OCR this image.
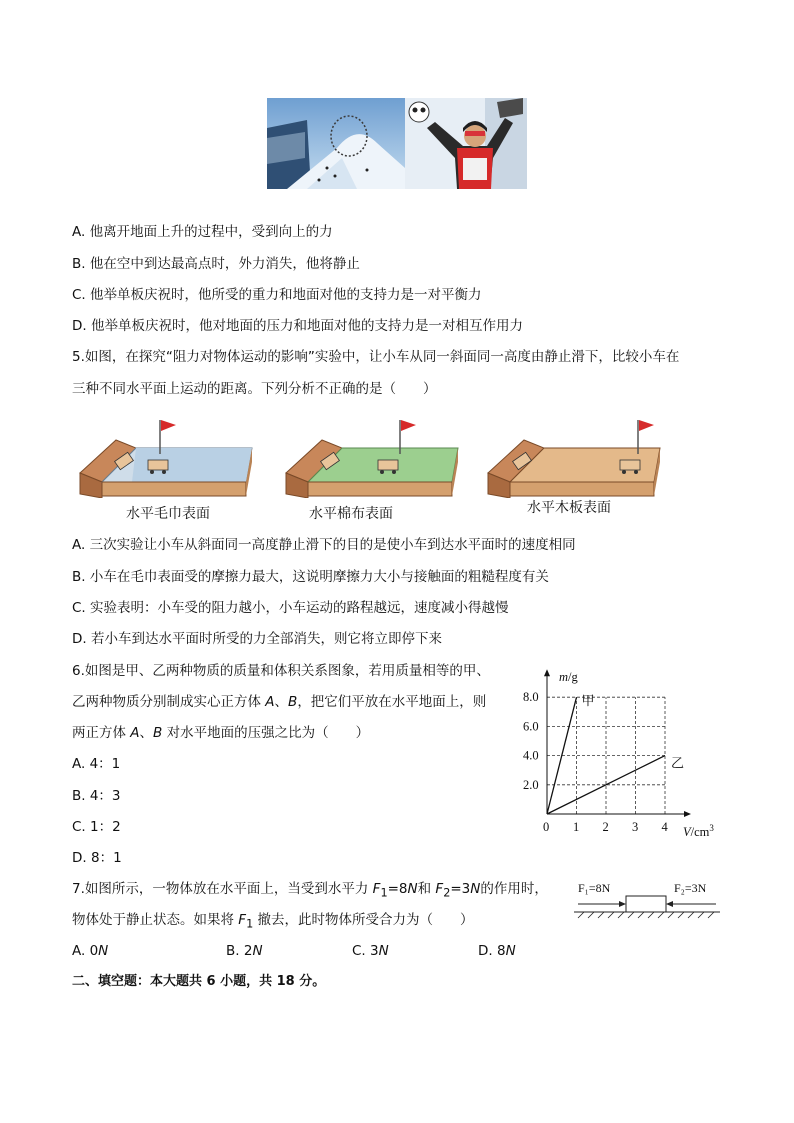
A. 他离开地面上升的过程中，受到向上的力
B. 他在空中到达最高点时，外力消失，他将静止
C. 他举单板庆祝时，他所受的重力和地面对他的支持力是一对平衡力
D. 他举单板庆祝时，他对地面的压力和地面对他的支持力是一对相互作用力
5.如图，在探究“阻力对物体运动的影响”实验中，让小车从同一斜面同一高度由静止滑下，比较小车在
三种不同水平面上运动的距离。下列分析不正确的是（　　）
水平毛巾表面	水平棉布表面	水平木板表面
A. 三次实验让小车从斜面同一高度静止滑下的目的是使小车到达水平面时的速度相同
B. 小车在毛巾表面受的摩擦力最大，这说明摩擦力大小与接触面的粗糙程度有关
C. 实验表明：小车受的阻力越小，小车运动的路程越远，速度减小得越慢
D. 若小车到达水平面时所受的力全部消失，则它将立即停下来
6.如图是甲、乙两种物质的质量和体积关系图象，若用质量相等的甲、
乙两种物质分别制成实心正方体 A、B，把它们平放在水平地面上，则
两正方体 A、B 对水平地面的压强之比为（　　）
A. 4：1
B. 4：3
C. 1：2
D. 8：1
0 1 2 3 4
2.0
4.0
6.0
8.0
$V/cm^3$
m/g
甲
乙
7.如图所示，一物体放在水平面上，当受到水平力 $F_1=8N$和 $F_2=3N$的作用时，
物体处于静止状态。如果将 $F_1$ 撤去，此时物体所受合力为（　　）
A. 0N	B. 2N	C. 3N	D. 8N
F₁=8N	F₂=3N
二、填空题：本大题共 6 小题，共 18 分。
